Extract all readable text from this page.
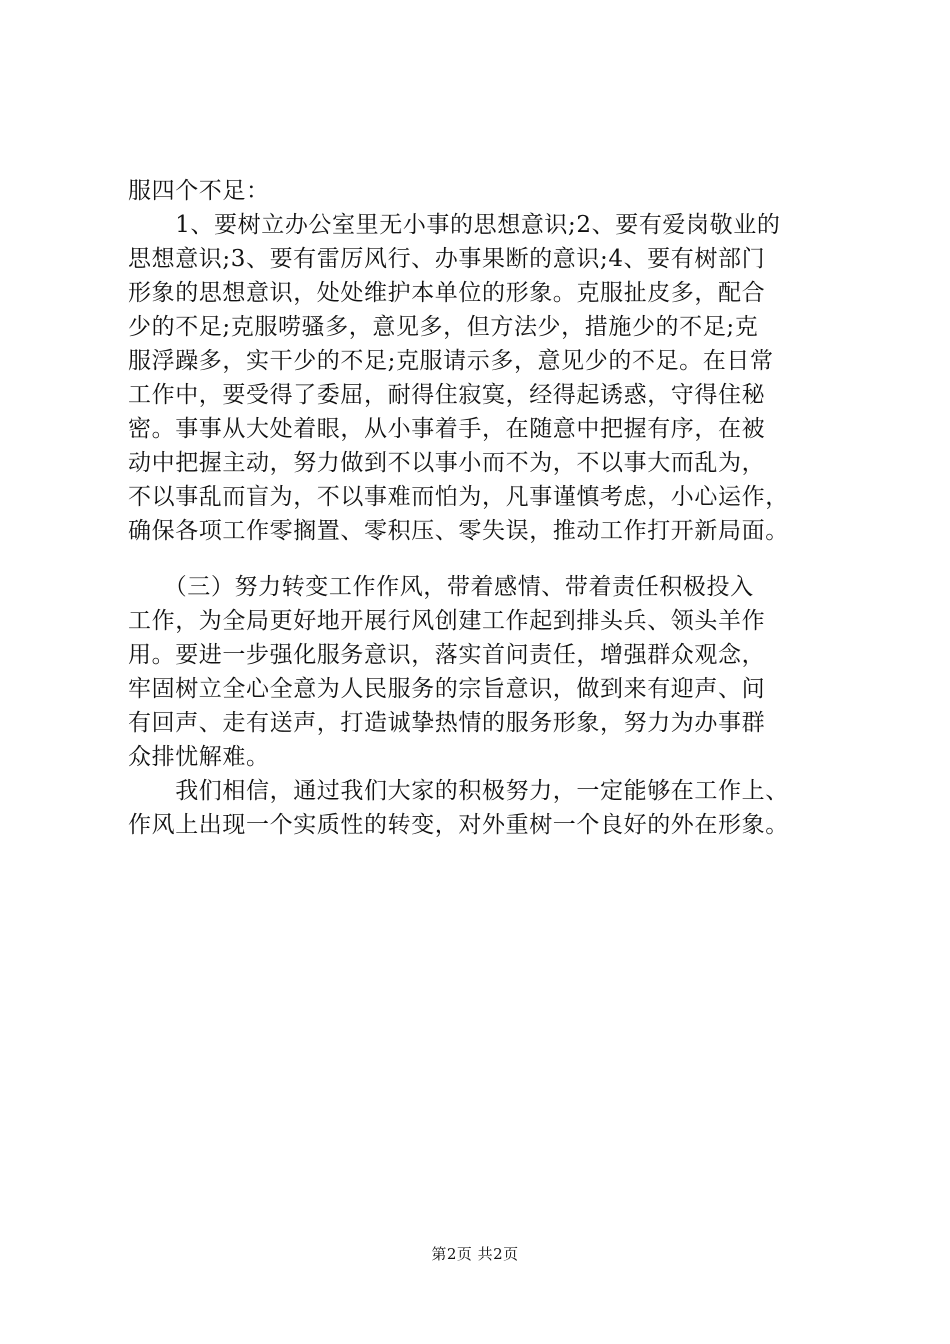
服四个不足：
　　1、要树立办公室里无小事的思想意识;2、要有爱岗敬业的
思想意识;3、要有雷厉风行、办事果断的意识;4、要有树部门
形象的思想意识，处处维护本单位的形象。克服扯皮多，配合
少的不足;克服唠骚多，意见多，但方法少，措施少的不足;克
服浮躁多，实干少的不足;克服请示多，意见少的不足。在日常
工作中，要受得了委屈，耐得住寂寞，经得起诱惑，守得住秘
密。事事从大处着眼，从小事着手，在随意中把握有序，在被
动中把握主动，努力做到不以事小而不为，不以事大而乱为，
不以事乱而盲为，不以事难而怕为，凡事谨慎考虑，小心运作，
确保各项工作零搁置、零积压、零失误，推动工作打开新局面。
　　（三）努力转变工作作风，带着感情、带着责任积极投入
工作，为全局更好地开展行风创建工作起到排头兵、领头羊作
用。要进一步强化服务意识，落实首问责任，增强群众观念，
牢固树立全心全意为人民服务的宗旨意识，做到来有迎声、问
有回声、走有送声，打造诚挚热情的服务形象，努力为办事群
众排忧解难。
　　我们相信，通过我们大家的积极努力，一定能够在工作上、
作风上出现一个实质性的转变，对外重树一个良好的外在形象。
第2页 共2页
